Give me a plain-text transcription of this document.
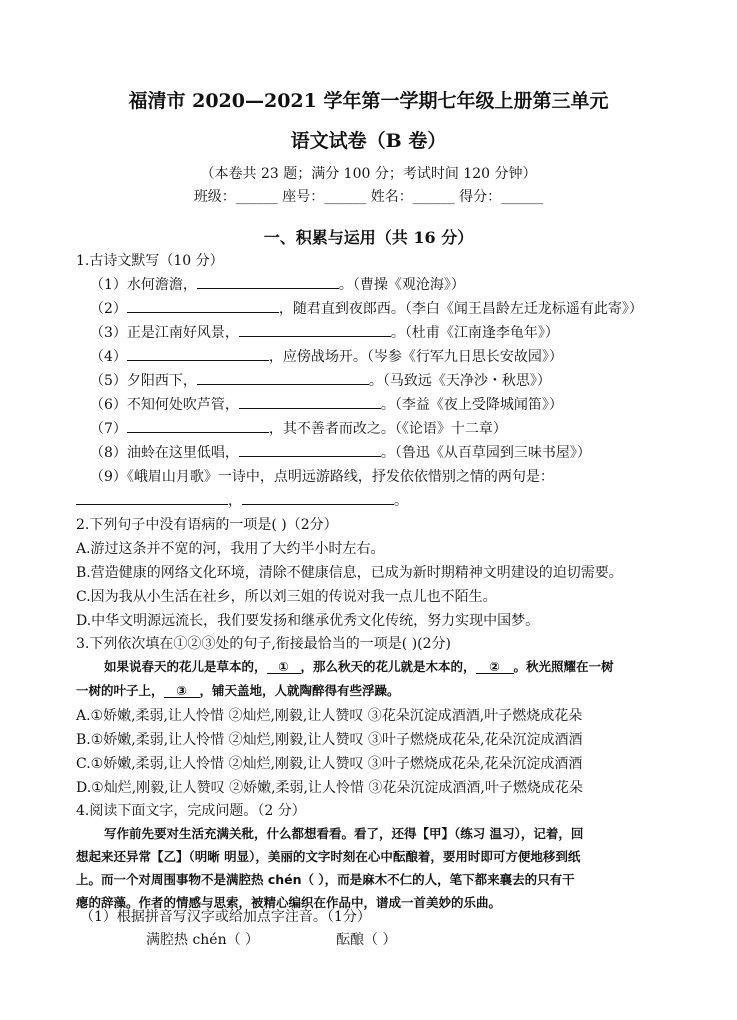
福清市 2020—2021 学年第一学期七年级上册第三单元
语文试卷（B 卷）
（本卷共 23 题；满分 100 分；考试时间 120 分钟）
班级：______ 座号：______ 姓名：______ 得分：______
一、积累与运用（共 16 分）
1.古诗文默写（10 分）
（1）水何澹澹，	。（曹操《观沧海》）
（2）	，随君直到夜郎西。（李白《闻王昌龄左迁龙标遥有此寄》）
（3）正是江南好风景，	。（杜甫《江南逢李龟年》）
（4）	，应傍战场开。（岑参《行军九日思长安故园》）
（5）夕阳西下，	。（马致远《天净沙・秋思》）
（6）不知何处吹芦管，	。（李益《夜上受降城闻笛》）
（7）	，其不善者而改之。（《论语》十二章）
（8）油蛉在这里低唱，	。（鲁迅《从百草园到三味书屋》）
（9）《峨眉山月歌》一诗中，点明远游路线，抒发依依惜别之情的两句是：
，	。
2.下列句子中没有语病的一项是( )（2分）
A.游过这条并不宽的河，我用了大约半小时左右。
B.营造健康的网络文化环境，清除不健康信息，已成为新时期精神文明建设的迫切需要。
C.因为我从小生活在社乡，所以刘三姐的传说对我一点儿也不陌生。
D.中华文明源远流长，我们要发扬和继承优秀文化传统，努力实现中国梦。
3.下列依次填在①②③处的句子,衔接最恰当的一项是( )(2分)
如果说春天的花儿是草本的， ① ，那么秋天的花儿就是木本的， ② 。秋光照耀在一树
一树的叶子上， ③ ，铺天盖地，人就陶醉得有些浮躁。
A.①娇嫩,柔弱,让人怜惜 ②灿烂,刚毅,让人赞叹 ③花朵沉淀成酒酒,叶子燃烧成花朵
B.①娇嫩,柔弱,让人怜惜 ②灿烂,刚毅,让人赞叹 ③叶子燃烧成花朵,花朵沉淀成酒酒
C.①娇嫩,柔弱,让人怜惜 ②灿烂,刚毅,让人赞叹 ③叶子燃烧成花朵,花朵沉淀成酒酒
D.①灿烂,刚毅,让人赞叹 ②娇嫩,柔弱,让人怜惜 ③花朵沉淀成酒酒,叶子燃烧成花朵
4.阅读下面文字，完成问题。（2 分）
写作前先要对生活充满关秕，什么都想看看。看了，还得【甲】（练习 温习），记着，回
想起来还异常【乙】（明晰 明显），美丽的文字时刻在心中酝酿着，要用时即可方便地移到纸
上。而一个对周围事物不是满腔热 chén（ ），而是麻木不仁的人，笔下都来襄去的只有干
瘪的辞藻。作者的情感与思索，被精心编织在作品中，谱成一首美妙的乐曲。
（1）根据拼音写汉字或给加点字注音。（1分）
满腔热 chén（ ）	酝酿（ ）
